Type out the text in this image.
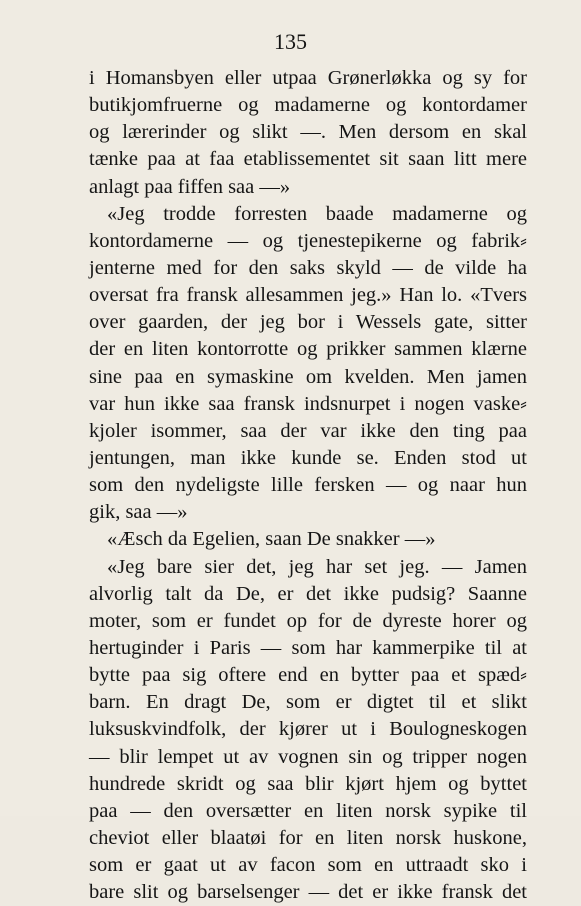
135
i Homansbyen eller utpaa Grønerløkka og sy for
butikjomfruerne og madamerne og kontordamer
og lærerinder og slikt —. Men dersom en skal
tænke paa at faa etablissementet sit saan litt mere
anlagt paa fiffen saa —»
«Jeg trodde forresten baade madamerne og
kontordamerne — og tjenestepikerne og fabrik⸗
jenterne med for den saks skyld — de vilde ha
oversat fra fransk allesammen jeg.» Han lo. «Tvers
over gaarden, der jeg bor i Wessels gate, sitter
der en liten kontorrotte og prikker sammen klærne
sine paa en symaskine om kvelden. Men jamen
var hun ikke saa fransk indsnurpet i nogen vaske⸗
kjoler isommer, saa der var ikke den ting paa
jentungen, man ikke kunde se. Enden stod ut
som den nydeligste lille fersken — og naar hun
gik, saa —»
«Æsch da Egelien, saan De snakker —»
«Jeg bare sier det, jeg har set jeg. — Jamen
alvorlig talt da De, er det ikke pudsig? Saanne
moter, som er fundet op for de dyreste horer og
hertuginder i Paris — som har kammerpike til at
bytte paa sig oftere end en bytter paa et spæd⸗
barn. En dragt De, som er digtet til et slikt
luksuskvindfolk, der kjører ut i Boulogneskogen
— blir lempet ut av vognen sin og tripper nogen
hundrede skridt og saa blir kjørt hjem og byttet
paa — den oversætter en liten norsk sypike til
cheviot eller blaatøi for en liten norsk huskone,
som er gaat ut av facon som en uttraadt sko i
bare slit og barselsenger — det er ikke fransk det
